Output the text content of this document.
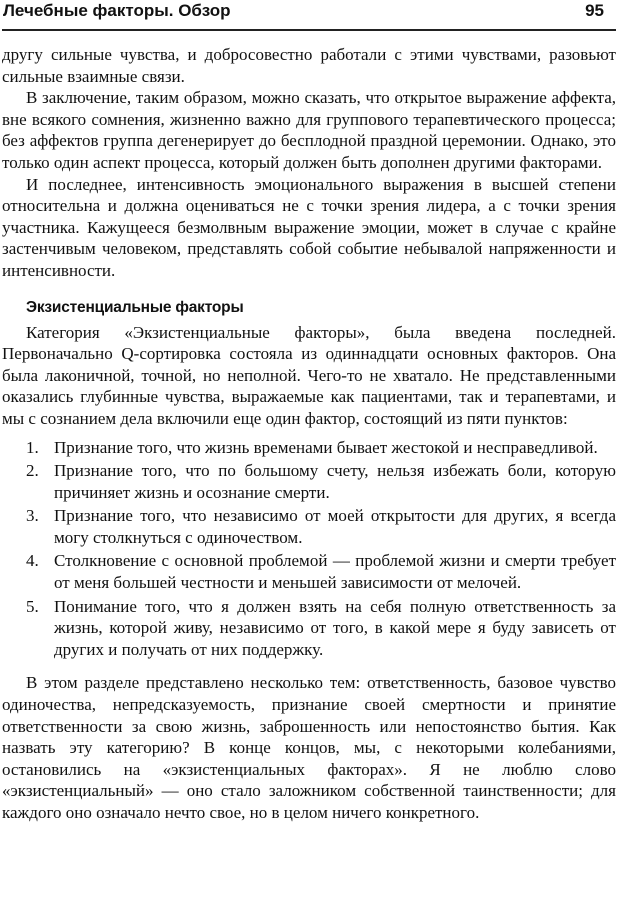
Лечебные факторы. Обзор	95

другу сильные чувства, и добросовестно работали с этими чувствами, разовьют сильные взаимные связи.

В заключение, таким образом, можно сказать, что открытое выражение аффекта, вне всякого сомнения, жизненно важно для группового терапевтического процесса; без аффектов группа дегенерирует до бесплодной праздной церемонии. Однако, это только один аспект процесса, который должен быть дополнен другими факторами.

И последнее, интенсивность эмоционального выражения в высшей степени относительна и должна оцениваться не с точки зрения лидера, а с точки зрения участника. Кажущееся безмолвным выражение эмоции, может в случае с крайне застенчивым человеком, представлять собой событие небывалой напряженности и интенсивности.

Экзистенциальные факторы

Категория «Экзистенциальные факторы», была введена последней. Первоначально Q-сортировка состояла из одиннадцати основных факторов. Она была лаконичной, точной, но неполной. Чего-то не хватало. Не представленными оказались глубинные чувства, выражаемые как пациентами, так и терапевтами, и мы с сознанием дела включили еще один фактор, состоящий из пяти пунктов:

1. Признание того, что жизнь временами бывает жестокой и несправедливой.
2. Признание того, что по большому счету, нельзя избежать боли, которую причиняет жизнь и осознание смерти.
3. Признание того, что независимо от моей открытости для других, я всегда могу столкнуться с одиночеством.
4. Столкновение с основной проблемой — проблемой жизни и смерти требует от меня большей честности и меньшей зависимости от мелочей.
5. Понимание того, что я должен взять на себя полную ответственность за жизнь, которой живу, независимо от того, в какой мере я буду зависеть от других и получать от них поддержку.

В этом разделе представлено несколько тем: ответственность, базовое чувство одиночества, непредсказуемость, признание своей смертности и принятие ответственности за свою жизнь, заброшенность или непостоянство бытия. Как назвать эту категорию? В конце концов, мы, с некоторыми колебаниями, остановились на «экзистенциальных факторах». Я не люблю слово «экзистенциальный» — оно стало заложником собственной таинственности; для каждого оно означало нечто свое, но в целом ничего конкретного.
